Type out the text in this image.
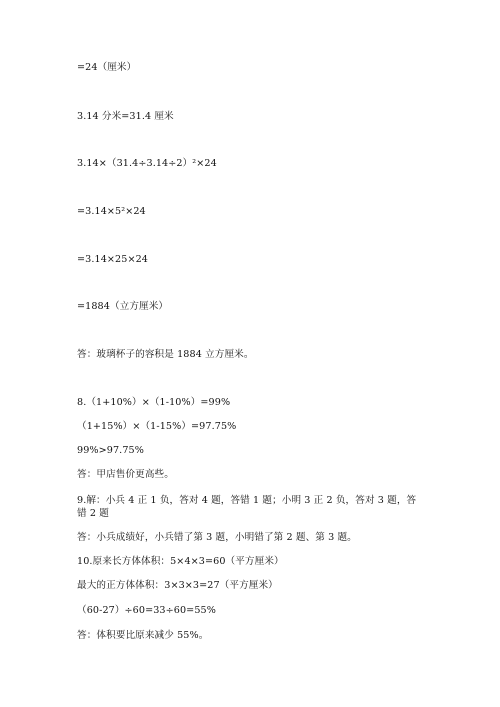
=24（厘米）
3.14 分米=31.4 厘米
3.14×（31.4÷3.14÷2）²×24
=3.14×5²×24
=3.14×25×24
=1884（立方厘米）
答：玻璃杯子的容积是 1884 立方厘米。
8.（1+10%）×（1-10%）=99%
（1+15%）×（1-15%）=97.75%
99%>97.75%
答：甲店售价更高些。
9.解：小兵 4 正 1 负，答对 4 题，答错 1 题；小明 3 正 2 负，答对 3 题，答错 2 题
答：小兵成绩好，小兵错了第 3 题，小明错了第 2 题、第 3 题。
10.原来长方体体积：5×4×3=60（平方厘米）
最大的正方体体积：3×3×3=27（平方厘米）
（60-27）÷60=33÷60=55%
答：体积要比原来减少 55%。
